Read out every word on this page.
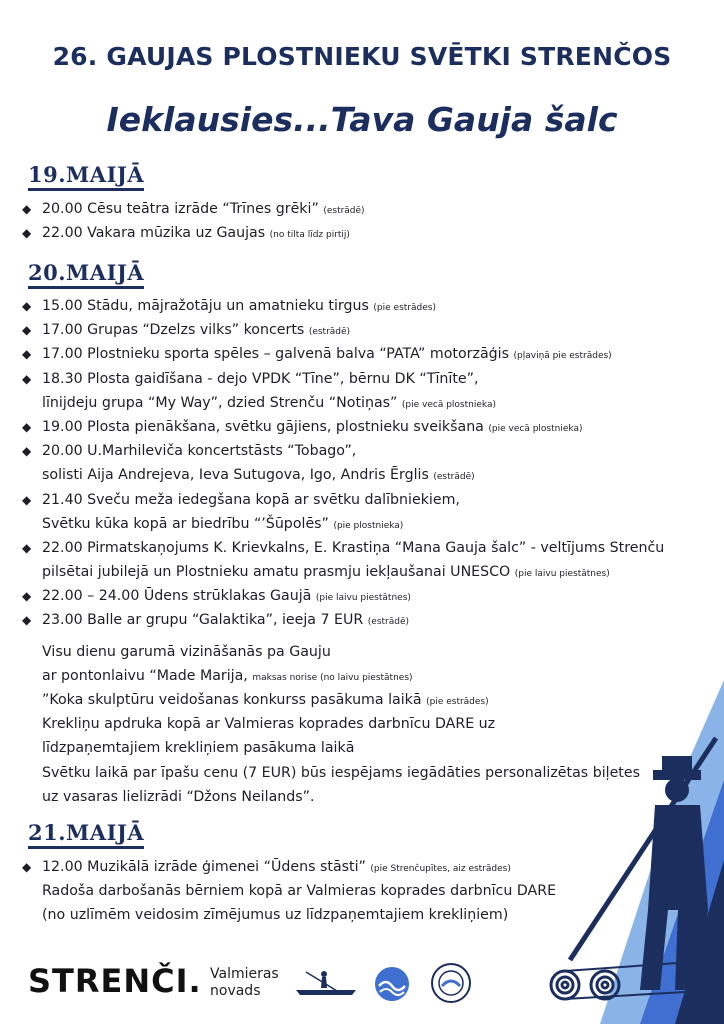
26. GAUJAS PLOSTNIEKU SVĒTKI STRENČOS
Ieklausies...Tava Gauja šalc
19.MAIJĀ
◆ 20.00 Cēsu teātra izrāde “Trīnes grēki” (estrādē)
◆ 22.00 Vakara mūzika uz Gaujas (no tilta līdz pirtij)
20.MAIJĀ
◆ 15.00 Stādu, mājražotāju un amatnieku tirgus (pie estrādes)
◆ 17.00 Grupas “Dzelzs vilks” koncerts (estrādē)
◆ 17.00 Plostnieku sporta spēles – galvenā balva “PATA” motorzāģis (pļaviņā pie estrādes)
◆ 18.30 Plosta gaidīšana - dejo VPDK “Tīne”, bērnu DK “Tīnīte”,
līnijdeju grupa “My Way”, dzied Strenču “Notiņas” (pie vecā plostnieka)
◆ 19.00 Plosta pienākšana, svētku gājiens, plostnieku sveikšana (pie vecā plostnieka)
◆ 20.00 U.Marhileviča koncertstāsts “Tobago”,
solisti Aija Andrejeva, Ieva Sutugova, Igo, Andris Ērglis (estrādē)
◆ 21.40 Sveču meža iedegšana kopā ar svētku dalībniekiem,
Svētku kūka kopā ar biedrību “’Šūpolēs” (pie plostnieka)
◆ 22.00 Pirmatskaņojums K. Krievkalns, E. Krastiņa “Mana Gauja šalc” - veltījums Strenču
pilsētai jubilejā un Plostnieku amatu prasmju iekļaušanai UNESCO (pie laivu piestātnes)
◆ 22.00 – 24.00 Ūdens strūklakas Gaujā (pie laivu piestātnes)
◆ 23.00 Balle ar grupu “Galaktika”, ieeja 7 EUR (estrādē)
Visu dienu garumā vizināšanās pa Gauju
ar pontonlaivu “Made Marija, maksas norise (no laivu piestātnes)
”Koka skulptūru veidošanas konkurss pasākuma laikā (pie estrādes)
Krekliņu apdruka kopā ar Valmieras koprades darbnīcu DARE uz
līdzpaņemtajiem krekliņiem pasākuma laikā
Svētku laikā par īpašu cenu (7 EUR) būs iespējams iegādāties personalizētas biļetes
uz vasaras lielizrādi “Džons Neilands”.
21.MAIJĀ
◆ 12.00 Muzikālā izrāde ģimenei “Ūdens stāsti” (pie Strenčupītes, aiz estrādes)
Radoša darbošanās bērniem kopā ar Valmieras koprades darbnīcu DARE
(no uzlīmēm veidosim zīmējumus uz līdzpaņemtajiem krekliņiem)
STRENČI. Valmieras
novads
